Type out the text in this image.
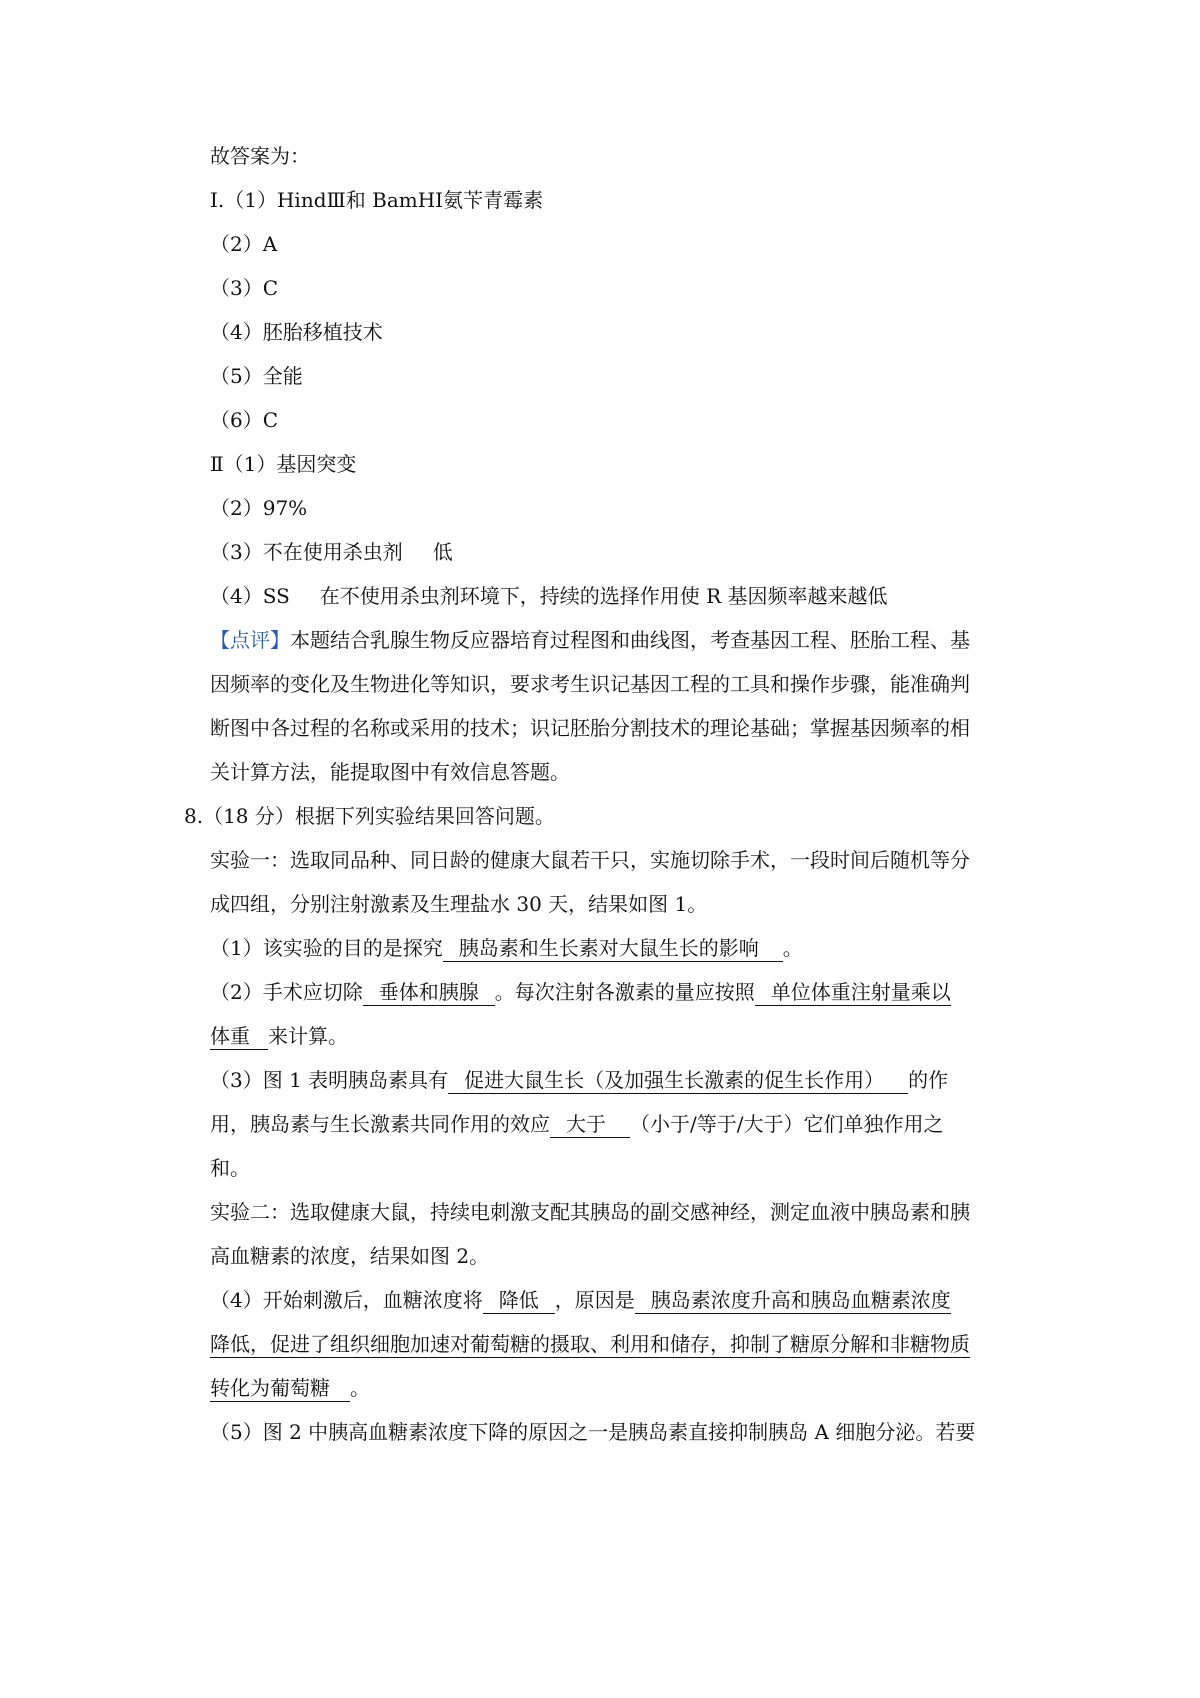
故答案为：
Ⅰ.（1）HindⅢ和 BamHⅠ氨苄青霉素
（2）A
（3）C
（4）胚胎移植技术
（5）全能
（6）C
Ⅱ（1）基因突变
（2）97%
（3）不在使用杀虫剂 低
（4）SS 在不使用杀虫剂环境下，持续的选择作用使 R 基因频率越来越低
【点评】本题结合乳腺生物反应器培育过程图和曲线图，考查基因工程、胚胎工程、基
因频率的变化及生物进化等知识，要求考生识记基因工程的工具和操作步骤，能准确判
断图中各过程的名称或采用的技术；识记胚胎分割技术的理论基础；掌握基因频率的相
关计算方法，能提取图中有效信息答题。
8.（18 分）根据下列实验结果回答问题。
实验一：选取同品种、同日龄的健康大鼠若干只，实施切除手术，一段时间后随机等分
成四组，分别注射激素及生理盐水 30 天，结果如图 1。
（1）该实验的目的是探究 胰岛素和生长素对大鼠生长的影响 。
（2）手术应切除 垂体和胰腺 。每次注射各激素的量应按照 单位体重注射量乘以
体重 来计算。
（3）图 1 表明胰岛素具有 促进大鼠生长（及加强生长激素的促生长作用） 的作
用，胰岛素与生长激素共同作用的效应 大于 （小于/等于/大于）它们单独作用之
和。
实验二：选取健康大鼠，持续电刺激支配其胰岛的副交感神经，测定血液中胰岛素和胰
高血糖素的浓度，结果如图 2。
（4）开始刺激后，血糖浓度将 降低 ，原因是 胰岛素浓度升高和胰岛血糖素浓度
降低，促进了组织细胞加速对葡萄糖的摄取、利用和储存，抑制了糖原分解和非糖物质
转化为葡萄糖 。
（5）图 2 中胰高血糖素浓度下降的原因之一是胰岛素直接抑制胰岛 A 细胞分泌。若要
